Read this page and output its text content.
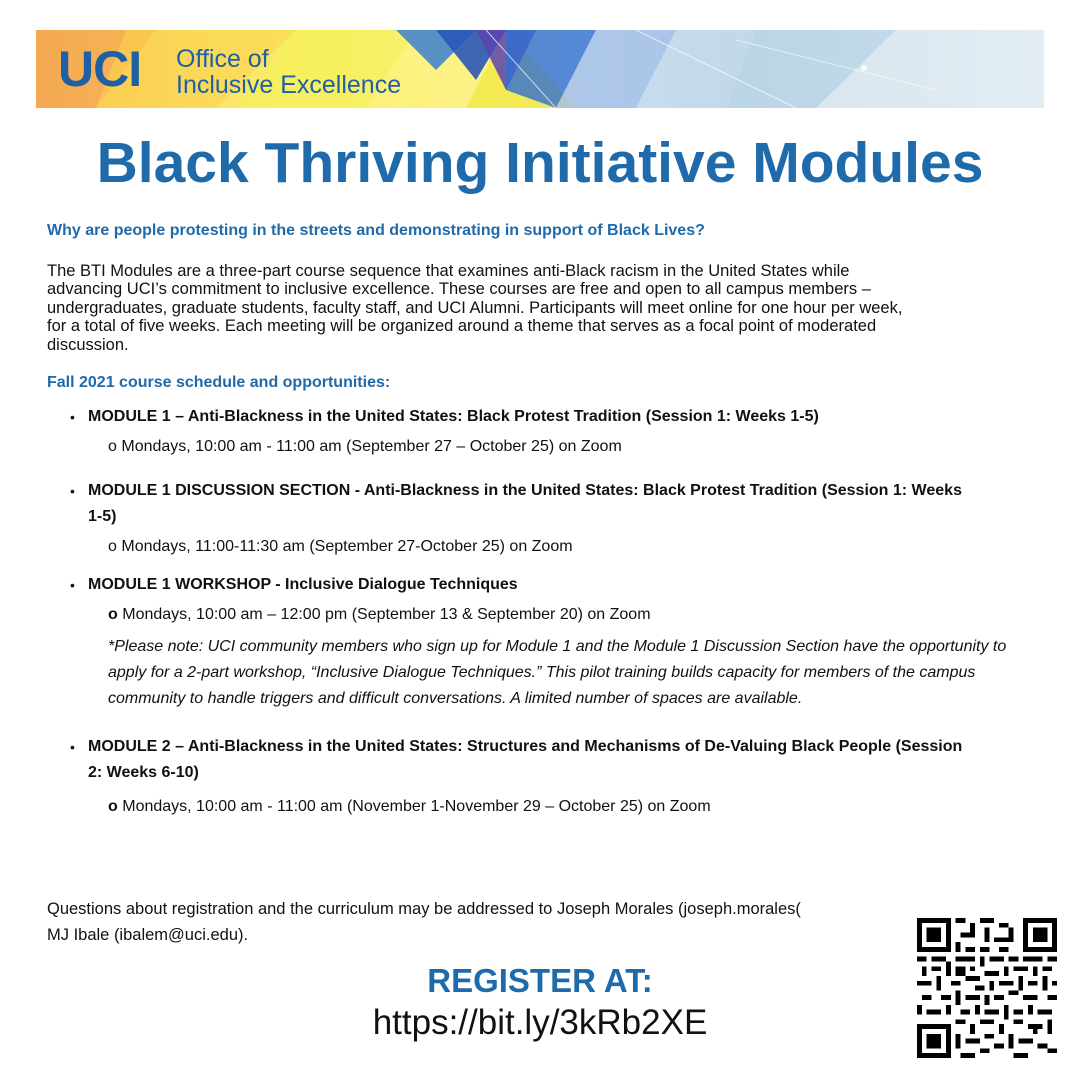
UCI Office of
Inclusive Excellence
Black Thriving Initiative Modules

Why are people protesting in the streets and demonstrating in support of Black Lives?

The BTI Modules are a three-part course sequence that examines anti-Black racism in the United States while
advancing UCI’s commitment to inclusive excellence. These courses are free and open to all campus members –
undergraduates, graduate students, faculty staff, and UCI Alumni. Participants will meet online for one hour per week,
for a total of five weeks. Each meeting will be organized around a theme that serves as a focal point of moderated
discussion.

Fall 2021 course schedule and opportunities:

• MODULE 1 – Anti-Blackness in the United States: Black Protest Tradition (Session 1: Weeks 1-5)
o Mondays, 10:00 am - 11:00 am (September 27 – October 25) on Zoom
• MODULE 1 DISCUSSION SECTION - Anti-Blackness in the United States: Black Protest Tradition (Session 1: Weeks 1-5)
o Mondays, 11:00-11:30 am (September 27-October 25) on Zoom
• MODULE 1 WORKSHOP - Inclusive Dialogue Techniques
o Mondays, 10:00 am – 12:00 pm (September 13 & September 20) on Zoom
*Please note: UCI community members who sign up for Module 1 and the Module 1 Discussion Section have the opportunity to apply for a 2-part workshop, “Inclusive Dialogue Techniques.” This pilot training builds capacity for members of the campus community to handle triggers and difficult conversations. A limited number of spaces are available.
• MODULE 2 – Anti-Blackness in the United States: Structures and Mechanisms of De-Valuing Black People (Session 2: Weeks 6-10)
o Mondays, 10:00 am - 11:00 am (November 1-November 29 – October 25) on Zoom
Questions about registration and the curriculum may be addressed to Joseph Morales (joseph.morales(
MJ Ibale (ibalem@uci.edu).
REGISTER AT:
https://bit.ly/3kRb2XE
